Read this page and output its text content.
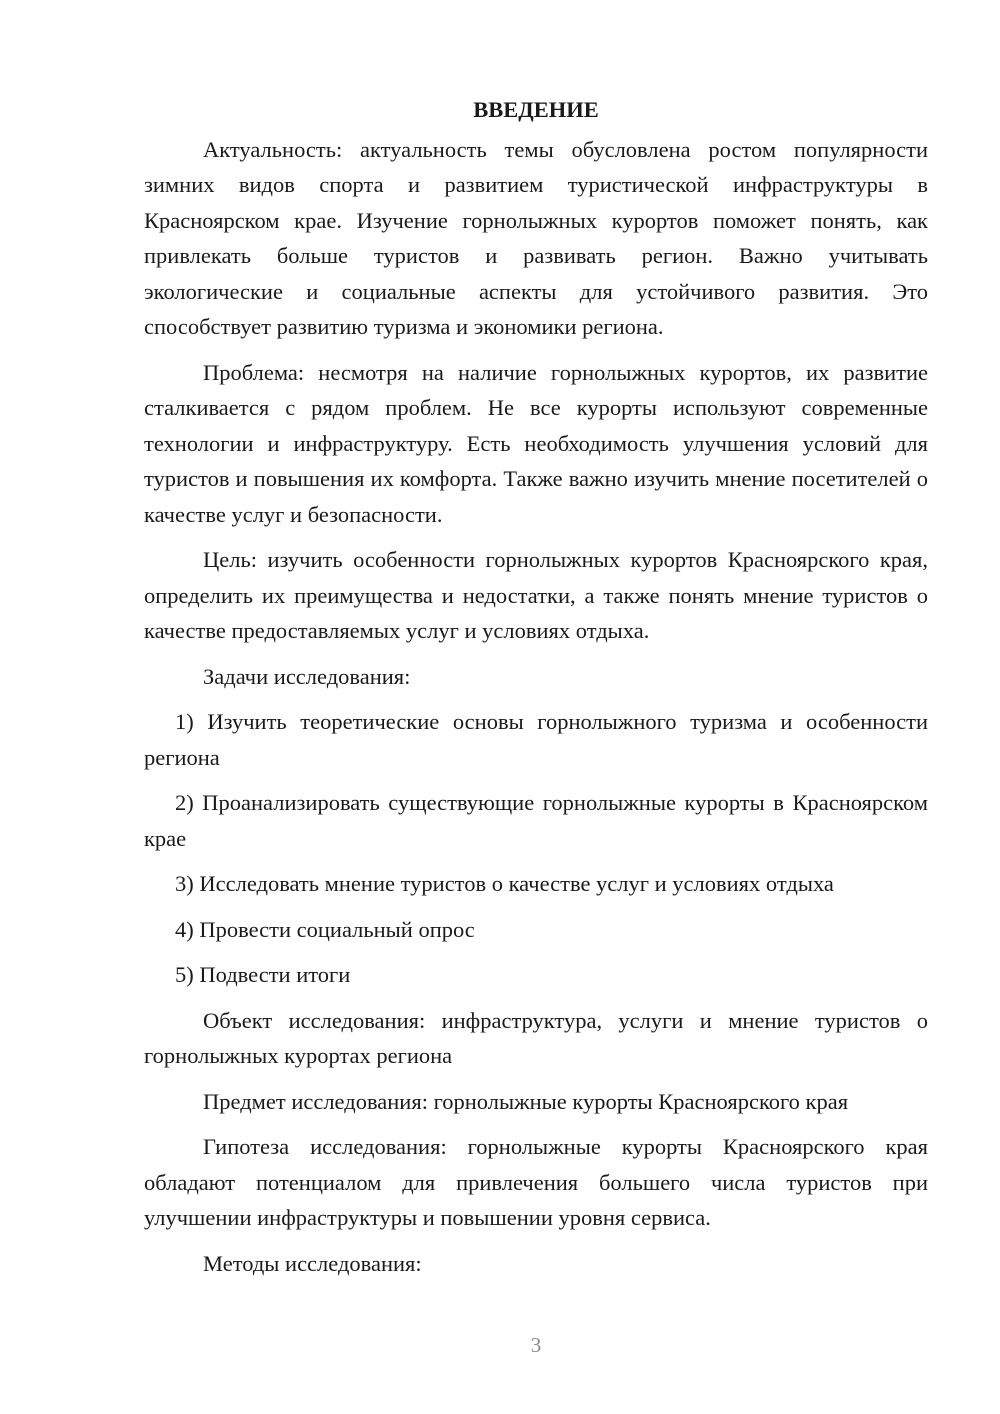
ВВЕДЕНИЕ

Актуальность: актуальность темы обусловлена ростом популярности зимних видов спорта и развитием туристической инфраструктуры в Красноярском крае. Изучение горнолыжных курортов поможет понять, как привлекать больше туристов и развивать регион. Важно учитывать экологические и социальные аспекты для устойчивого развития. Это способствует развитию туризма и экономики региона.

Проблема: несмотря на наличие горнолыжных курортов, их развитие сталкивается с рядом проблем. Не все курорты используют современные технологии и инфраструктуру. Есть необходимость улучшения условий для туристов и повышения их комфорта. Также важно изучить мнение посетителей о качестве услуг и безопасности.

Цель: изучить особенности горнолыжных курортов Красноярского края, определить их преимущества и недостатки, а также понять мнение туристов о качестве предоставляемых услуг и условиях отдыха.

Задачи исследования:

1) Изучить теоретические основы горнолыжного туризма и особенности региона

2) Проанализировать существующие горнолыжные курорты в Красноярском крае

3) Исследовать мнение туристов о качестве услуг и условиях отдыха

4) Провести социальный опрос

5) Подвести итоги

Объект исследования: инфраструктура, услуги и мнение туристов о горнолыжных курортах региона

Предмет исследования: горнолыжные курорты Красноярского края

Гипотеза исследования: горнолыжные курорты Красноярского края обладают потенциалом для привлечения большего числа туристов при улучшении инфраструктуры и повышении уровня сервиса.

Методы исследования:

3
